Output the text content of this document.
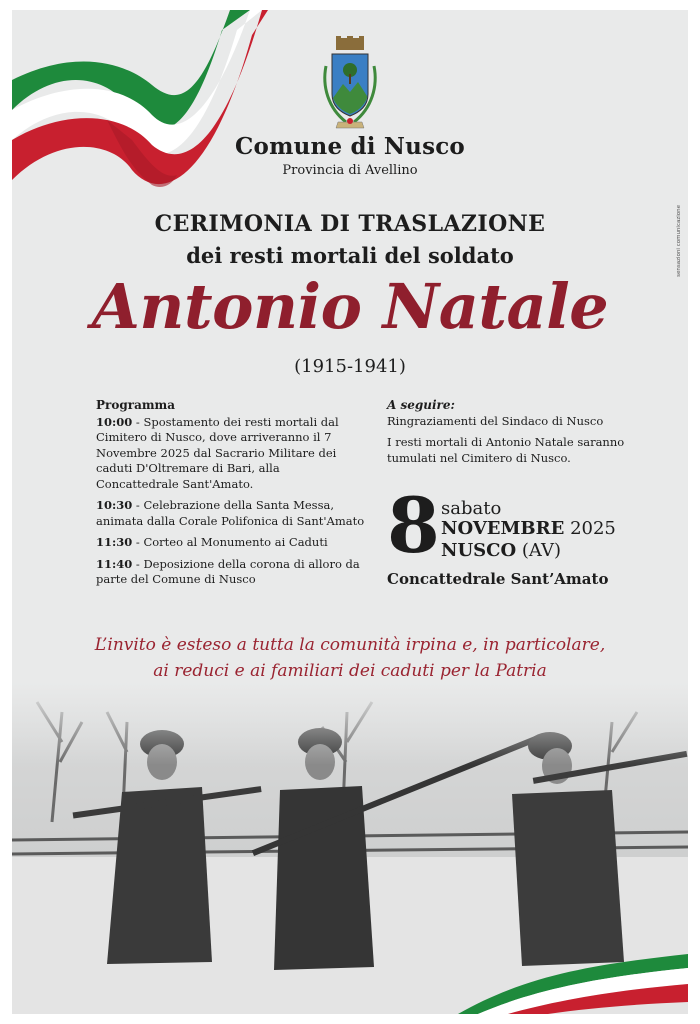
Comune di Nusco
Provincia di Avellino
CERIMONIA DI TRASLAZIONE
dei resti mortali del soldato
Antonio Natale
(1915-1941)
Programma
10:00 - Spostamento dei resti mortali dal Cimitero di Nusco, dove arriveranno il 7 Novembre 2025 dal Sacrario Militare dei caduti D'Oltremare di Bari, alla Concattedrale Sant'Amato.
10:30 - Celebrazione della Santa Messa, animata dalla Corale Polifonica di Sant'Amato
11:30 - Corteo al Monumento ai Caduti
11:40 - Deposizione della corona di alloro da parte del Comune di Nusco
A seguire:

Ringraziamenti del Sindaco di Nusco

I resti mortali di Antonio Natale saranno tumulati nel Cimitero di Nusco.

8 sabato
NOVEMBRE 2025
NUSCO (AV)
Concattedrale Sant’Amato
L’invito è esteso a tutta la comunità irpina e, in particolare,
ai reduci e ai familiari dei caduti per la Patria
sensazioni comunicazione
